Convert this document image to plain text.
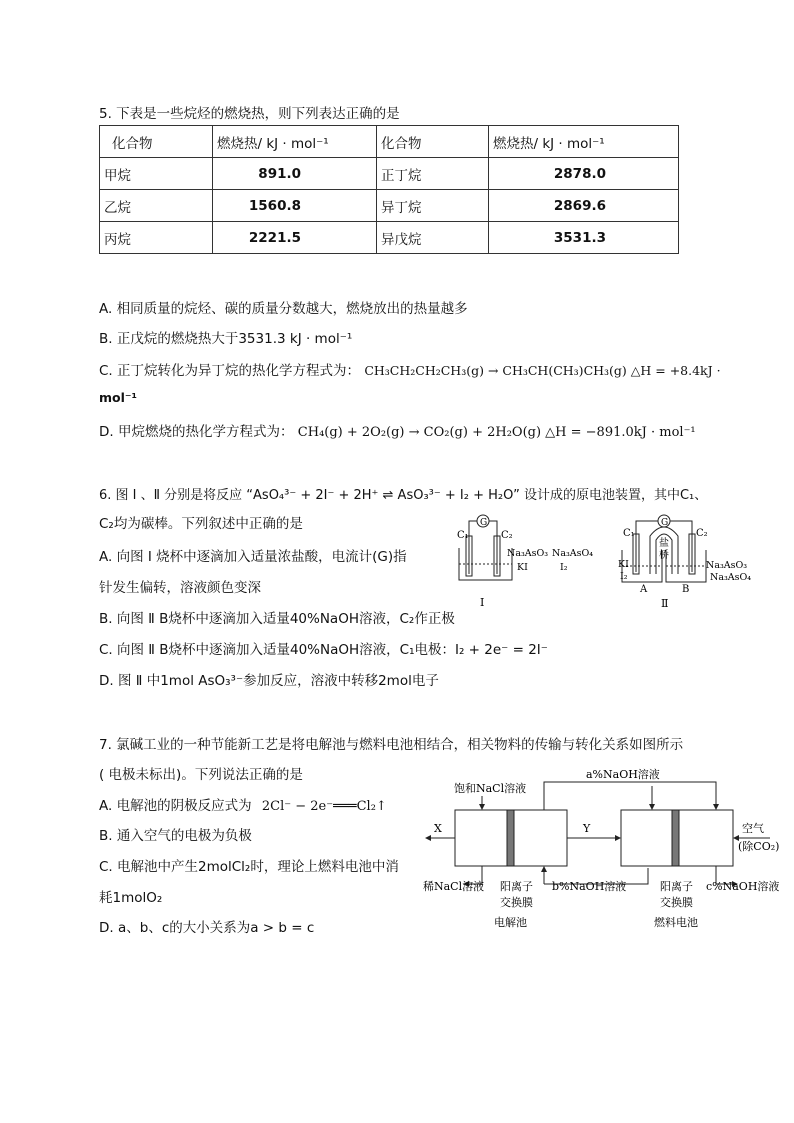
5. 下表是一些烷烃的燃烧热，则下列表达正确的是
化合物	燃烧热/ kJ · mol⁻¹	化合物	燃烧热/ kJ · mol⁻¹
甲烷	891.0	正丁烷	2878.0
乙烷	1560.8	异丁烷	2869.6
丙烷	2221.5	异戊烷	3531.3
A. 相同质量的烷烃、碳的质量分数越大，燃烧放出的热量越多
B. 正戊烷的燃烧热大于3531.3 kJ · mol⁻¹
C. 正丁烷转化为异丁烷的热化学方程式为： CH₃CH₂CH₂CH₃(g) → CH₃CH(CH₃)CH₃(g) △H = +8.4kJ ·
mol⁻¹
D. 甲烷燃烧的热化学方程式为： CH₄(g) + 2O₂(g) → CO₂(g) + 2H₂O(g) △H = −891.0kJ · mol⁻¹
6. 图 Ⅰ 、Ⅱ 分别是将反应 “AsO₄³⁻ + 2I⁻ + 2H⁺ ⇌ AsO₃³⁻ + I₂ + H₂O” 设计成的原电池装置，其中C₁、
C₂均为碳棒。下列叙述中正确的是
A. 向图 Ⅰ 烧杯中逐滴加入适量浓盐酸，电流计(G)指
针发生偏转，溶液颜色变深
B. 向图 Ⅱ B烧杯中逐滴加入适量40%NaOH溶液，C₂作正极
C. 向图 Ⅱ B烧杯中逐滴加入适量40%NaOH溶液，C₁电极：I₂ + 2e⁻ = 2I⁻
D. 图 Ⅱ 中1mol AsO₃³⁻参加反应，溶液中转移2mol电子
G
C₁	C₂
Na₃AsO₃ Na₃AsO₄
KI	I₂
Ⅰ
G
C₁	C₂
盐
桥
KI
I₂
Na₃AsO₃
Na₃AsO₄
A	B
Ⅱ
7. 氯碱工业的一种节能新工艺是将电解池与燃料电池相结合，相关物料的传输与转化关系如图所示
( 电极未标出)。下列说法正确的是
A. 电解池的阴极反应式为 2Cl⁻ − 2e⁻═══Cl₂↑
B. 通入空气的电极为负极
C. 电解池中产生2molCl₂时，理论上燃料电池中消
耗1molO₂
D. a、b、c的大小关系为a > b = c
饱和NaCl溶液
a%NaOH溶液
X	Y	空气
(除CO₂)
稀NaCl溶液 阳离子
交换膜
b%NaOH溶液	阳离子
交换膜
c%NaOH溶液
电解池	燃料电池
